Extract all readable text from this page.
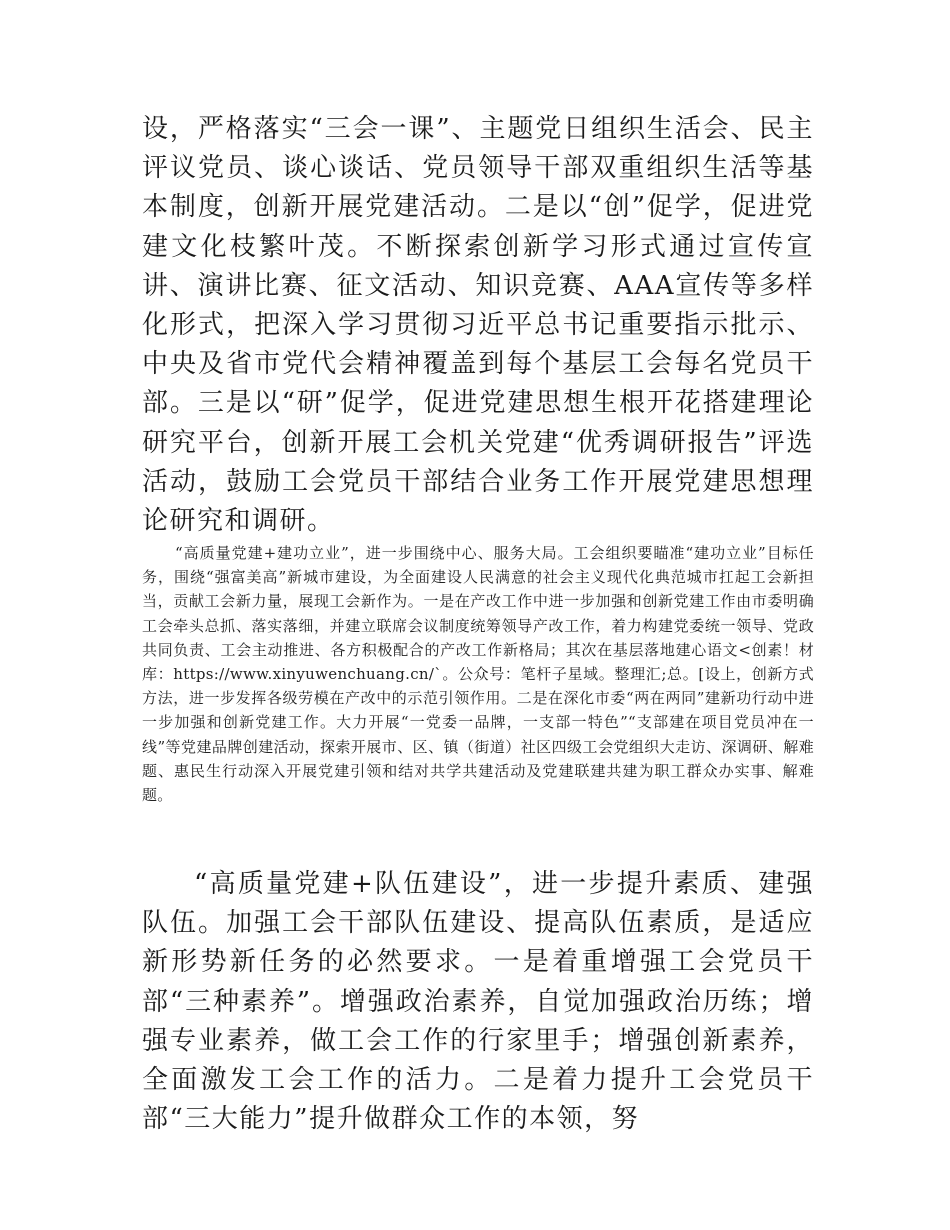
设，严格落实“三会一课”、主题党日组织生活会、民主评议党员、谈心谈话、党员领导干部双重组织生活等基本制度，创新开展党建活动。二是以“创”促学，促进党建文化枝繁叶茂。不断探索创新学习形式通过宣传宣讲、演讲比赛、征文活动、知识竞赛、AAA宣传等多样化形式，把深入学习贯彻习近平总书记重要指示批示、中央及省市党代会精神覆盖到每个基层工会每名党员干部。三是以“研”促学，促进党建思想生根开花搭建理论研究平台，创新开展工会机关党建“优秀调研报告”评选活动，鼓励工会党员干部结合业务工作开展党建思想理论研究和调研。

“高质量党建+建功立业”，进一步围绕中心、服务大局。工会组织要瞄准“建功立业”目标任务，围绕“强富美高”新城市建设，为全面建设人民满意的社会主义现代化典范城市扛起工会新担当，贡献工会新力量，展现工会新作为。一是在产改工作中进一步加强和创新党建工作由市委明确工会牵头总抓、落实落细，并建立联席会议制度统筹领导产改工作，着力构建党委统一领导、党政共同负责、工会主动推进、各方积极配合的产改工作新格局；其次在基层落地建心语文<创素！材库：https://www.xinyuwenchuang.cn/`。公众号：笔杆子星域。整理汇;总。[设上，创新方式方法，进一步发挥各级劳模在产改中的示范引领作用。二是在深化市委“两在两同”建新功行动中进一步加强和创新党建工作。大力开展“一党委一品牌，一支部一特色”“支部建在项目党员冲在一线”等党建品牌创建活动，探索开展市、区、镇（街道）社区四级工会党组织大走访、深调研、解难题、惠民生行动深入开展党建引领和结对共学共建活动及党建联建共建为职工群众办实事、解难题。

“高质量党建+队伍建设”，进一步提升素质、建强队伍。加强工会干部队伍建设、提高队伍素质，是适应新形势新任务的必然要求。一是着重增强工会党员干部“三种素养”。增强政治素养，自觉加强政治历练；增强专业素养，做工会工作的行家里手；增强创新素养，全面激发工会工作的活力。二是着力提升工会党员干部“三大能力”提升做群众工作的本领，努
